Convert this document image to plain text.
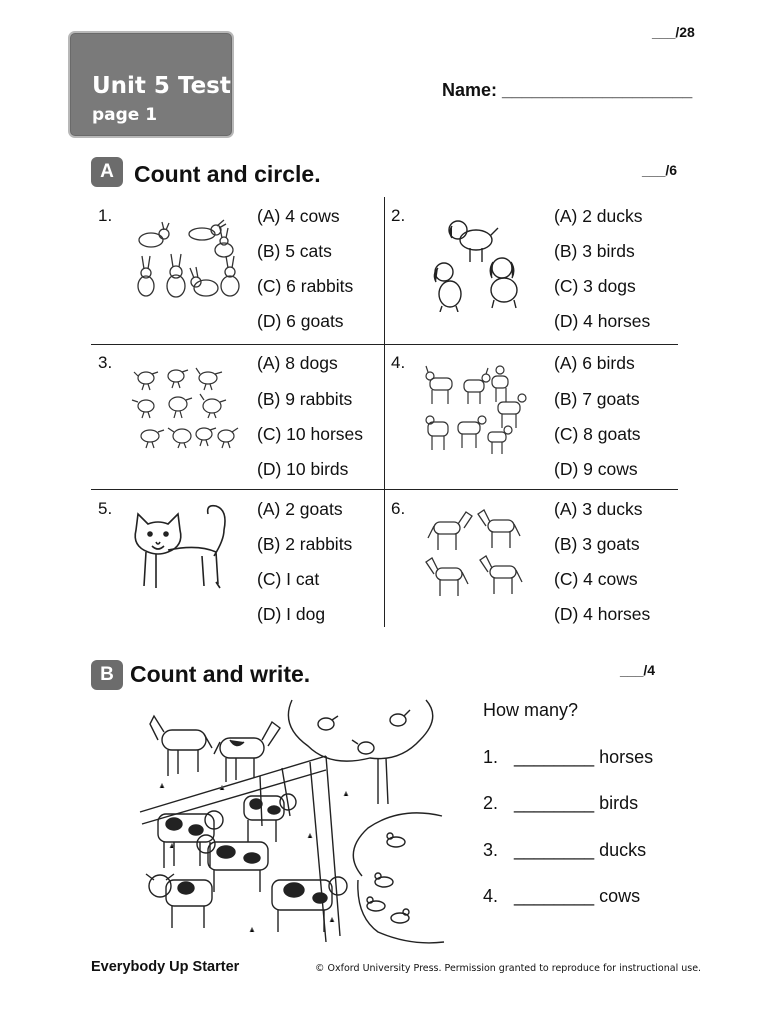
___/28
Unit 5 Test
page 1
Name: ___________________
A Count and circle.	___/6
1.	(A) 4 cows
(B) 5 cats
(C) 6 rabbits
(D) 6 goats
2.	(A) 2 ducks
(B) 3 birds
(C) 3 dogs
(D) 4 horses
3.	(A) 8 dogs
(B) 9 rabbits
(C) 10 horses
(D) 10 birds
4.	(A) 6 birds
(B) 7 goats
(C) 8 goats
(D) 9 cows
5.	(A) 2 goats
(B) 2 rabbits
(C) I cat
(D) I dog
6.	(A) 3 ducks
(B) 3 goats
(C) 4 cows
(D) 4 horses
B Count and write.	___/4
How many?
1. ________ horses
2. ________ birds
3. ________ ducks
4. ________ cows
Everybody Up Starter	© Oxford University Press. Permission granted to reproduce for instructional use.
